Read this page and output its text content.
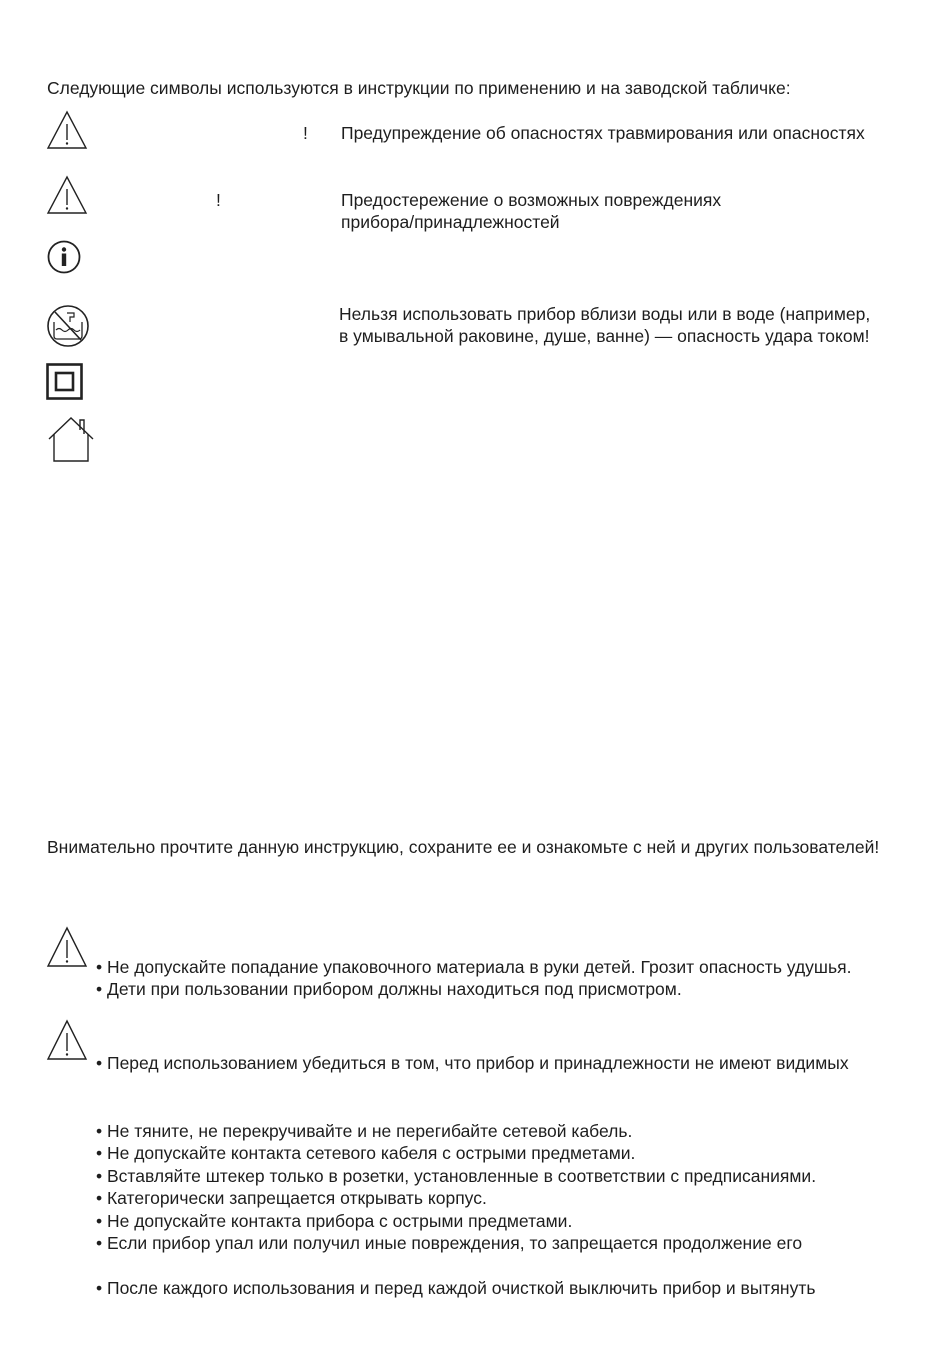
Следующие символы используются в инструкции по применению и на заводской табличке:
! Предупреждение об опасностях травмирования или опасностях
!	Предостережение о возможных повреждениях
прибора/принадлежностей
Нельзя использовать прибор вблизи воды или в воде (например,
в умывальной раковине, душе, ванне) — опасность удара током!
Внимательно прочтите данную инструкцию, сохраните ее и ознакомьте с ней и других пользователей!
• Не допускайте попадание упаковочного материала в руки детей. Грозит опасность удушья.
• Дети при пользовании прибором должны находиться под присмотром.
• Перед использованием убедиться в том, что прибор и принадлежности не имеют видимых
• Не тяните, не перекручивайте и не перегибайте сетевой кабель.
• Не допускайте контакта сетевого кабеля с острыми предметами.
• Вставляйте штекер только в розетки, установленные в соответствии с предписаниями.
• Категорически запрещается открывать корпус.
• Не допускайте контакта прибора с острыми предметами.
• Если прибор упал или получил иные повреждения, то запрещается продолжение его
• После каждого использования и перед каждой очисткой выключить прибор и вытянуть
